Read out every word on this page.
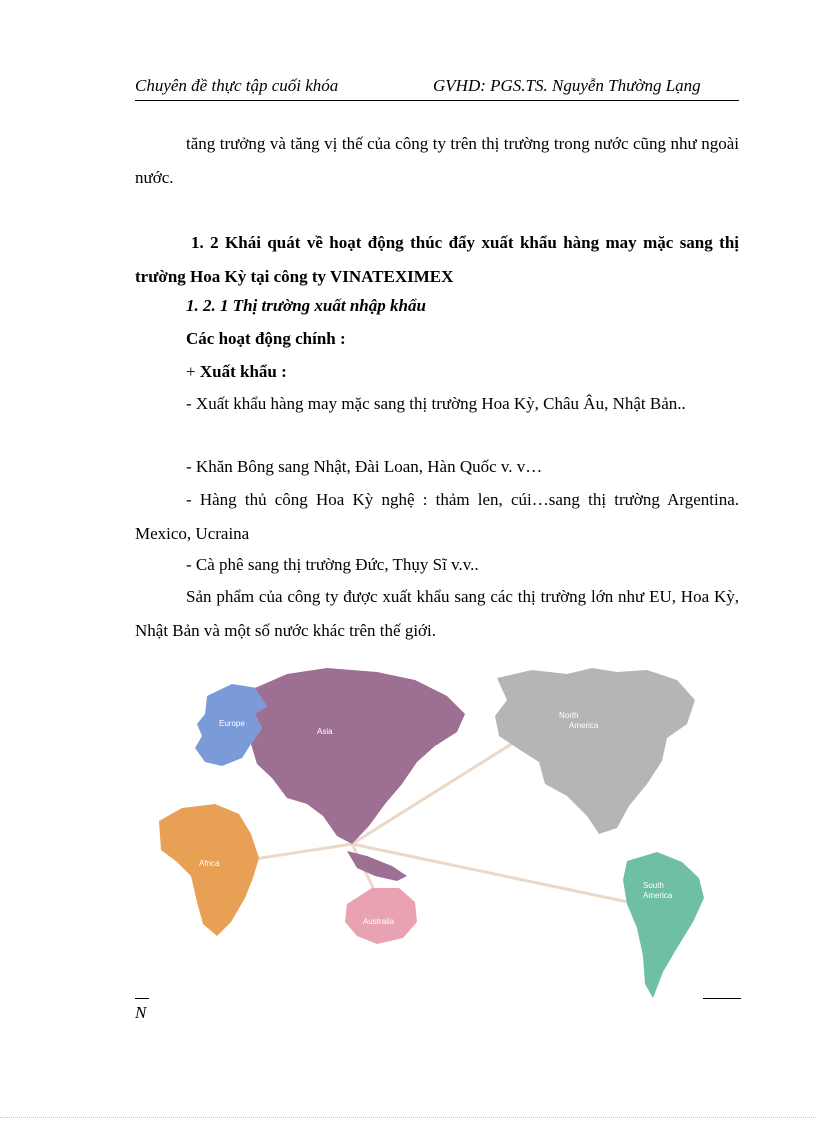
Chuyên đề thực tập cuối khóa	GVHD: PGS.TS. Nguyễn Thường Lạng
tăng trưởng và tăng vị thế của công ty trên thị trường trong nước cũng như ngoài nước.
1. 2 Khái quát về hoạt động thúc đẩy xuất khẩu hàng may mặc sang thị trường Hoa Kỳ tại công ty VINATEXIMEX
1. 2. 1 Thị trường xuất nhập khẩu
Các hoạt động chính :
+ Xuất khẩu :
- Xuất khẩu hàng may mặc sang thị trường Hoa Kỳ, Châu Âu, Nhật Bản..
- Khăn Bông sang Nhật, Đài Loan, Hàn Quốc v. v…
- Hàng thủ công Hoa Kỳ nghệ : thảm len, cúi…sang thị trường Argentina. Mexico, Ucraina
- Cà phê sang thị trường Đức, Thụy Sĩ v.v..
Sản phẩm của công ty được xuất khẩu sang các thị trường lớn như EU, Hoa Kỳ, Nhật Bản và một số nước khác trên thế giới.
Europe
Asia
Africa
Australia
North
America
South
America
N
